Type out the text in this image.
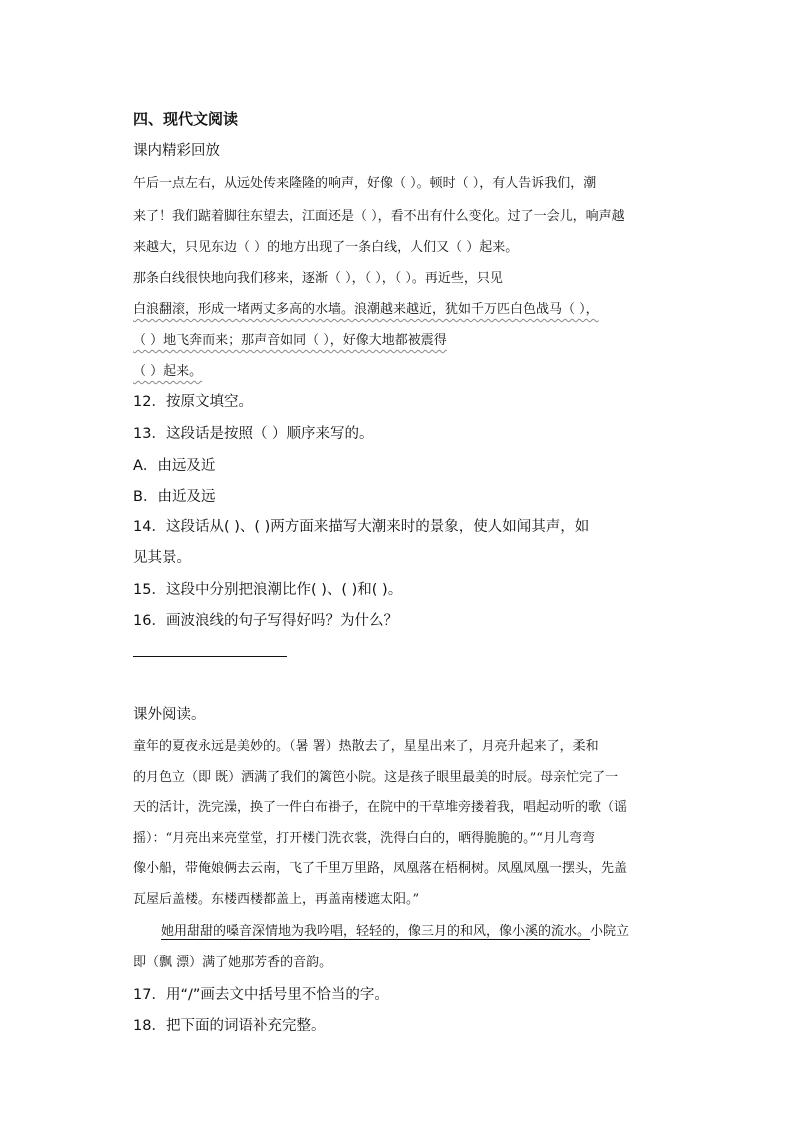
四、现代文阅读
课内精彩回放
午后一点左右，从远处传来隆隆的响声，好像（ ）。顿时（ ），有人告诉我们，潮
来了！我们踮着脚往东望去，江面还是（ ），看不出有什么变化。过了一会儿，响声越
来越大，只见东边（ ）的地方出现了一条白线，人们又（ ）起来。
那条白线很快地向我们移来，逐渐（ ），（ ），（ ）。再近些，只见
白浪翻滚，形成一堵两丈多高的水墙。浪潮越来越近，犹如千万匹白色战马（ ），
（ ）地飞奔而来；那声音如同（ ），好像大地都被震得
（ ）起来。
12．按原文填空。
13．这段话是按照（ ）顺序来写的。
A．由远及近
B．由近及远
14．这段话从( )、( )两方面来描写大潮来时的景象，使人如闻其声，如
见其景。
15．这段中分别把浪潮比作( )、( )和( )。
16．画波浪线的句子写得好吗？为什么？
课外阅读。
童年的夏夜永远是美妙的。（暑 署）热散去了，星星出来了，月亮升起来了，柔和
的月色立（即 既）洒满了我们的篱笆小院。这是孩子眼里最美的时辰。母亲忙完了一
天的活计，洗完澡，换了一件白布褂子，在院中的干草堆旁搂着我，唱起动听的歌（谣
摇）：“月亮出来亮堂堂，打开楼门洗衣裳，洗得白白的，晒得脆脆的。”“月儿弯弯
像小船，带俺娘俩去云南，飞了千里万里路，凤凰落在梧桐树。凤凰凤凰一摆头，先盖
瓦屋后盖楼。东楼西楼都盖上，再盖南楼遮太阳。”
她用甜甜的嗓音深情地为我吟唱，轻轻的，像三月的和风，像小溪的流水。小院立
即（飘 漂）满了她那芳香的音韵。
17．用“/”画去文中括号里不恰当的字。
18．把下面的词语补充完整。
